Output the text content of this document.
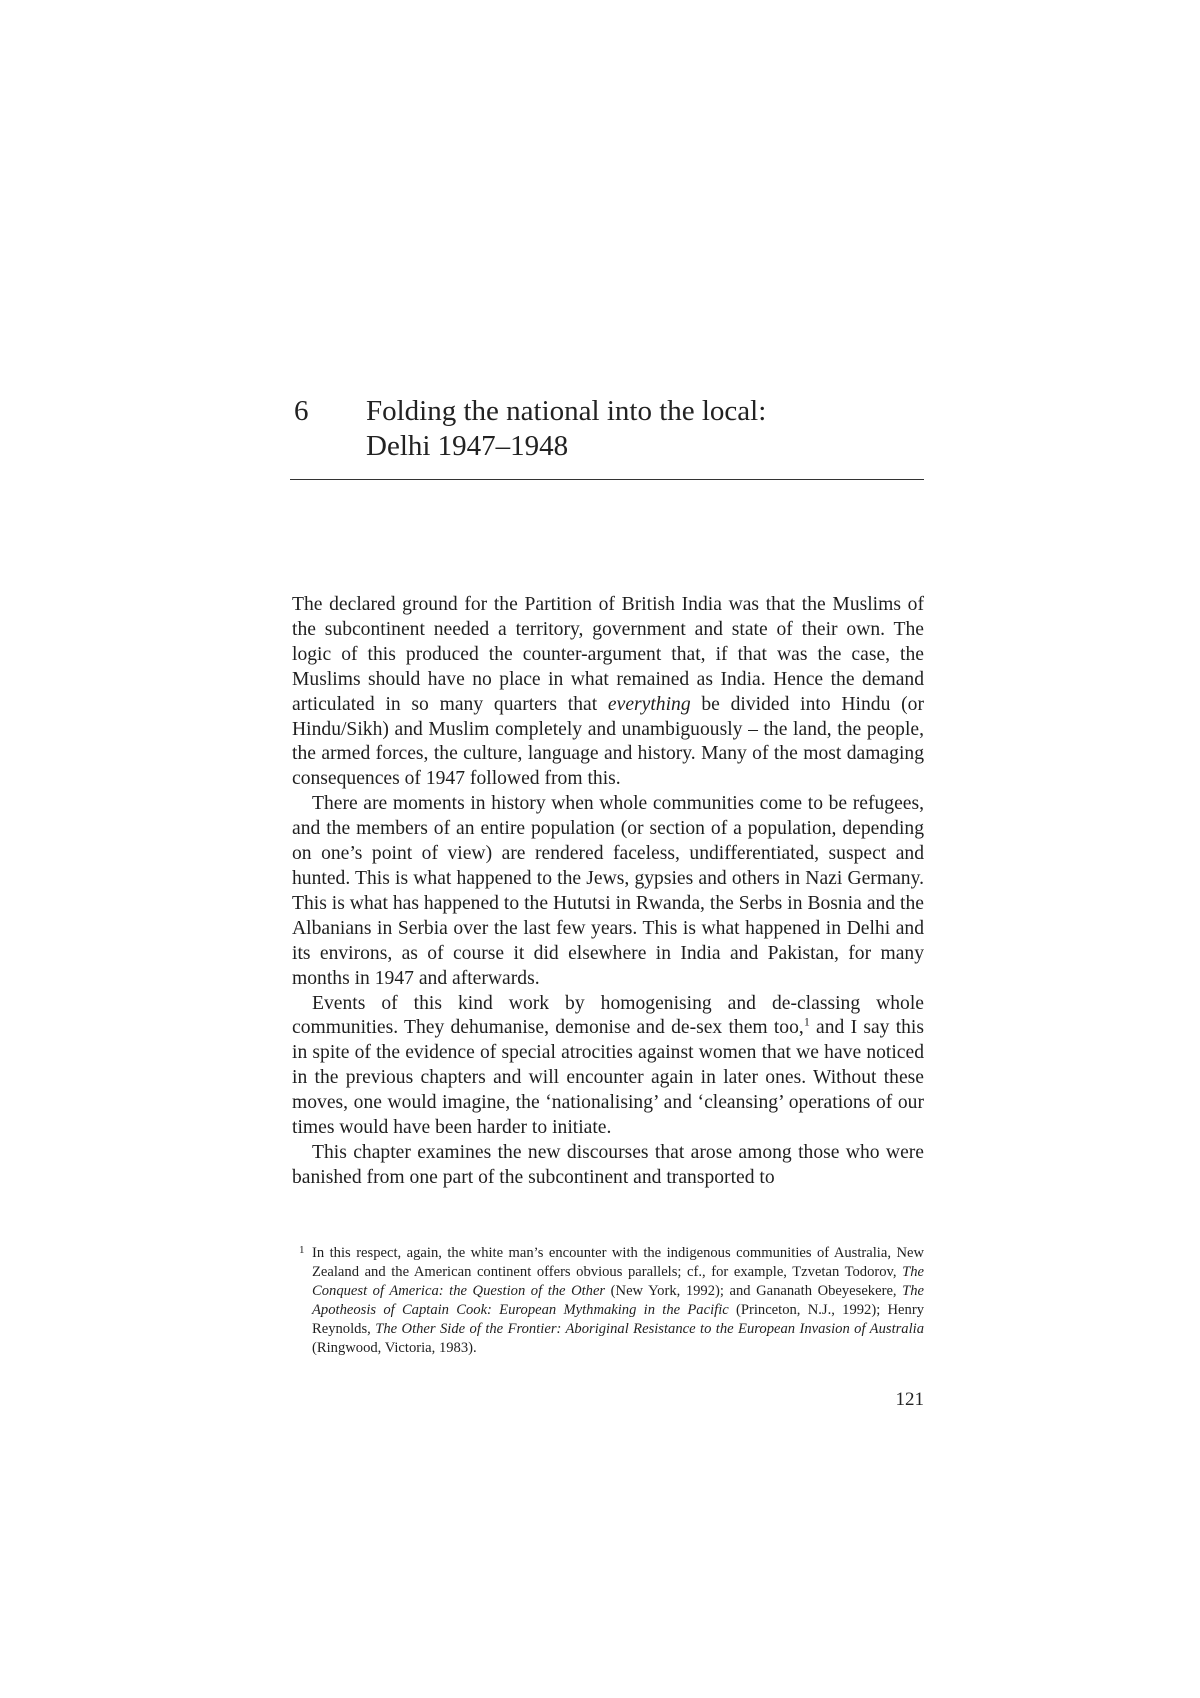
6 Folding the national into the local:
Delhi 1947–1948

The declared ground for the Partition of British India was that the Muslims of the subcontinent needed a territory, government and state of their own. The logic of this produced the counter-argument that, if that was the case, the Muslims should have no place in what remained as India. Hence the demand articulated in so many quarters that everything be divided into Hindu (or Hindu/Sikh) and Muslim completely and unambiguously – the land, the people, the armed forces, the culture, language and history. Many of the most damaging consequences of 1947 followed from this.

There are moments in history when whole communities come to be refugees, and the members of an entire population (or section of a population, depending on one’s point of view) are rendered faceless, undifferentiated, suspect and hunted. This is what happened to the Jews, gypsies and others in Nazi Germany. This is what has happened to the Hututsi in Rwanda, the Serbs in Bosnia and the Albanians in Serbia over the last few years. This is what happened in Delhi and its environs, as of course it did elsewhere in India and Pakistan, for many months in 1947 and afterwards.

Events of this kind work by homogenising and de-classing whole communities. They dehumanise, demonise and de-sex them too,$^1$ and I say this in spite of the evidence of special atrocities against women that we have noticed in the previous chapters and will encounter again in later ones. Without these moves, one would imagine, the ‘nationalising’ and ‘cleansing’ operations of our times would have been harder to initiate.

This chapter examines the new discourses that arose among those who were banished from one part of the subcontinent and transported to

1 In this respect, again, the white man’s encounter with the indigenous communities of Australia, New Zealand and the American continent offers obvious parallels; cf., for example, Tzvetan Todorov, The Conquest of America: the Question of the Other (New York, 1992); and Gananath Obeyesekere, The Apotheosis of Captain Cook: European Mythmaking in the Pacific (Princeton, N.J., 1992); Henry Reynolds, The Other Side of the Frontier: Aboriginal Resistance to the European Invasion of Australia (Ringwood, Victoria, 1983).
121
